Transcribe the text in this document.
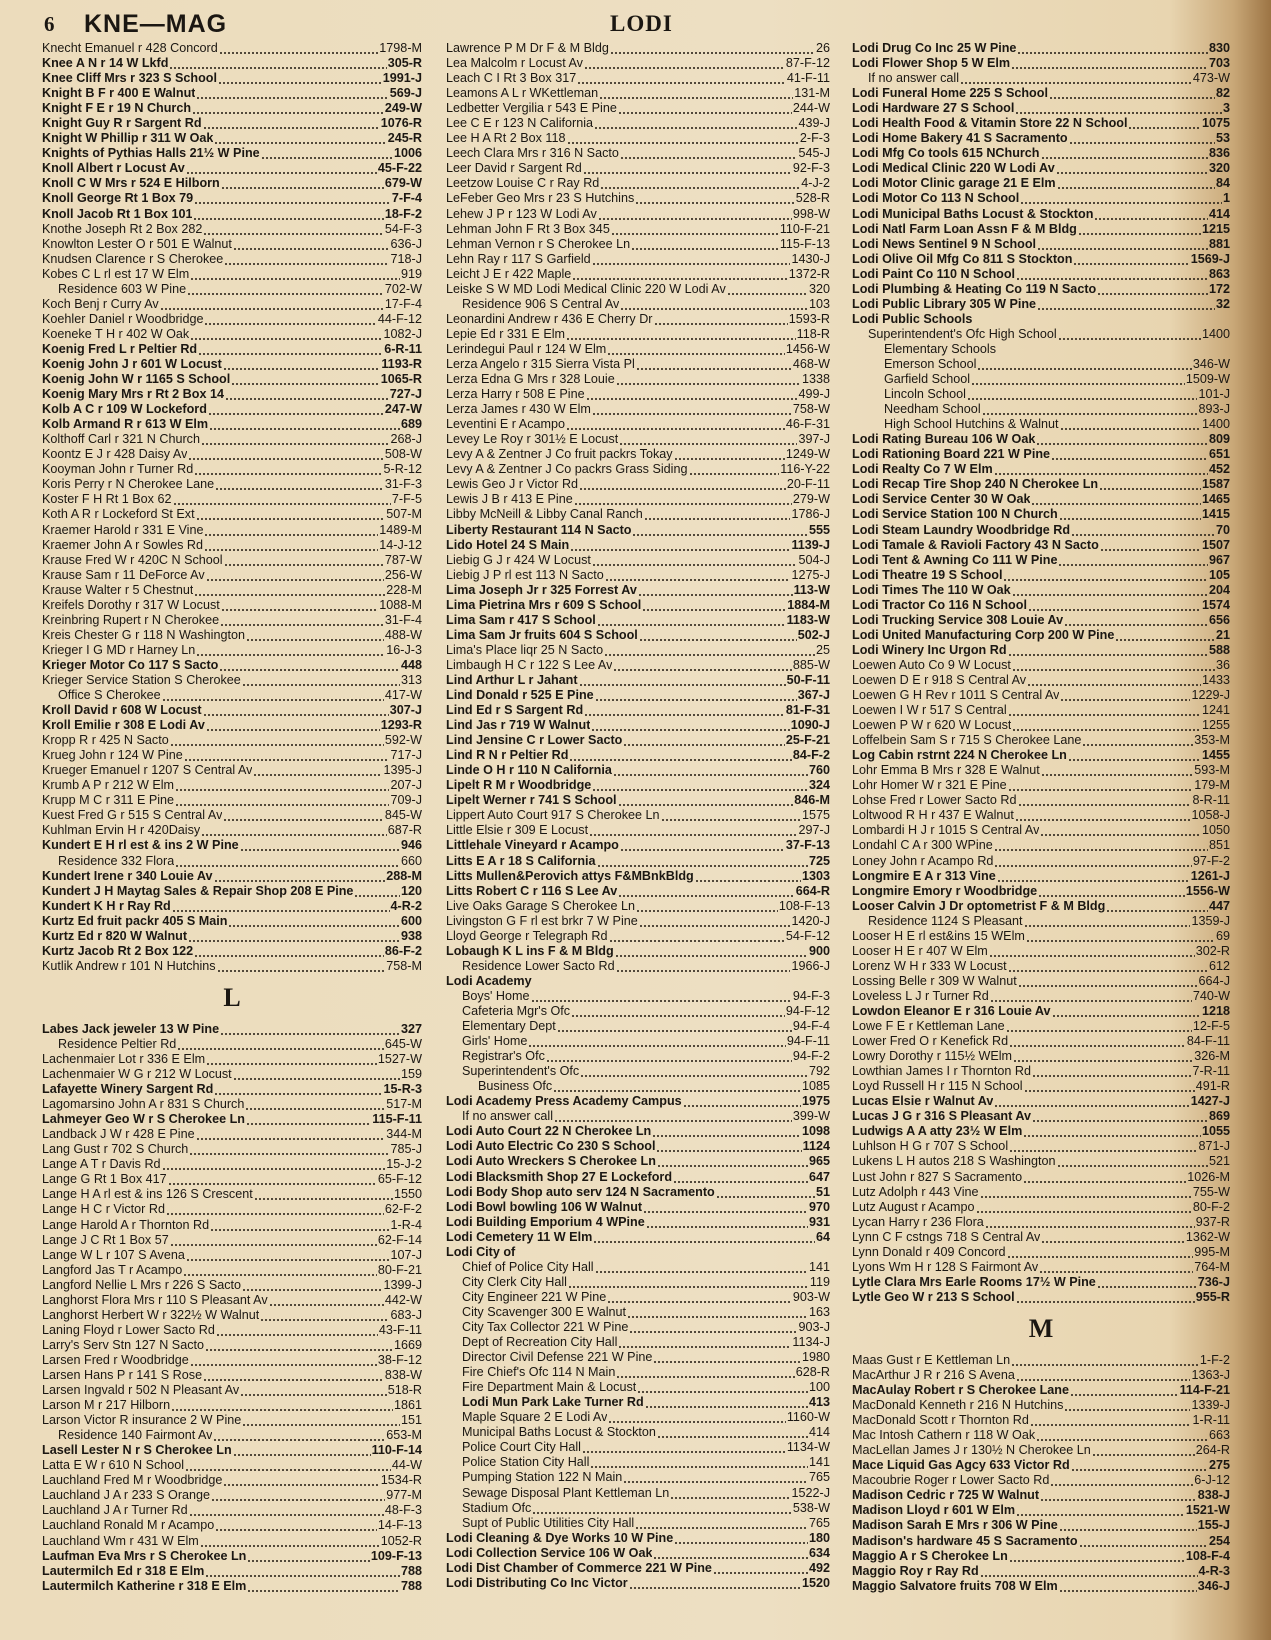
6 KNE—MAG	LODI
Knecht Emanuel r 428 Concord	1798-M
Knee A N r 14 W Lkfd	305-R
Knee Cliff Mrs r 323 S School	1991-J
Knight B F r 400 E Walnut	569-J
Knight F E r 19 N Church	249-W
Knight Guy R r Sargent Rd	1076-R
Knight W Phillip r 311 W Oak	245-R
Knights of Pythias Halls 21½ W Pine	1006
Knoll Albert r Locust Av	45-F-22
Knoll C W Mrs r 524 E Hilborn	679-W
Knoll George Rt 1 Box 79	7-F-4
Knoll Jacob Rt 1 Box 101	18-F-2
Knothe Joseph Rt 2 Box 282	54-F-3
Knowlton Lester O r 501 E Walnut	636-J
Knudsen Clarence r S Cherokee	718-J
Kobes C L rl est 17 W Elm	919
Residence 603 W Pine	702-W
Koch Benj r Curry Av	17-F-4
Koehler Daniel r Woodbridge	44-F-12
Koeneke T H r 402 W Oak	1082-J
Koenig Fred L r Peltier Rd	6-R-11
Koenig John J r 601 W Locust	1193-R
Koenig John W r 1165 S School	1065-R
Koenig Mary Mrs r Rt 2 Box 14	727-J
Kolb A C r 109 W Lockeford	247-W
Kolb Armand R r 613 W Elm	689
Kolthoff Carl r 321 N Church	268-J
Koontz E J r 428 Daisy Av	508-W
Kooyman John r Turner Rd	5-R-12
Koris Perry r N Cherokee Lane	31-F-3
Koster F H Rt 1 Box 62	7-F-5
Koth A R r Lockeford St Ext	507-M
Kraemer Harold r 331 E Vine	1489-M
Kraemer John A r Sowles Rd	14-J-12
Krause Fred W r 420C N School	787-W
Krause Sam r 11 DeForce Av	256-W
Krause Walter r 5 Chestnut	228-M
Kreifels Dorothy r 317 W Locust	1088-M
Kreinbring Rupert r N Cherokee	31-F-4
Kreis Chester G r 118 N Washington	488-W
Krieger I G MD r Harney Ln	16-J-3
Krieger Motor Co 117 S Sacto	448
Krieger Service Station S Cherokee	313
Office S Cherokee	417-W
Kroll David r 608 W Locust	307-J
Kroll Emilie r 308 E Lodi Av	1293-R
Kropp R r 425 N Sacto	592-W
Krueg John r 124 W Pine	717-J
Krueger Emanuel r 1207 S Central Av	1395-J
Krumb A P r 212 W Elm	207-J
Krupp M C r 311 E Pine	709-J
Kuest Fred G r 515 S Central Av	845-W
Kuhlman Ervin H r 420Daisy	687-R
Kundert E H rl est & ins 2 W Pine	946
Residence 332 Flora	660
Kundert Irene r 340 Louie Av	288-M
Kundert J H Maytag Sales & Repair Shop 208 E Pine	120
Kundert K H r Ray Rd	4-R-2
Kurtz Ed fruit packr 405 S Main	600
Kurtz Ed r 820 W Walnut	938
Kurtz Jacob Rt 2 Box 122	86-F-2
Kutlik Andrew r 101 N Hutchins	758-M
L
Labes Jack jeweler 13 W Pine	327
Residence Peltier Rd	645-W
Lachenmaier Lot r 336 E Elm	1527-W
Lachenmaier W G r 212 W Locust	159
Lafayette Winery Sargent Rd	15-R-3
Lagomarsino John A r 831 S Church	517-M
Lahmeyer Geo W r S Cherokee Ln	115-F-11
Landback J W r 428 E Pine	344-M
Lang Gust r 702 S Church	785-J
Lange A T r Davis Rd	15-J-2
Lange G Rt 1 Box 417	65-F-12
Lange H A rl est & ins 126 S Crescent	1550
Lange H C r Victor Rd	62-F-2
Lange Harold A r Thornton Rd	1-R-4
Lange J C Rt 1 Box 57	62-F-14
Lange W L r 107 S Avena	107-J
Langford Jas T r Acampo	80-F-21
Langford Nellie L Mrs r 226 S Sacto	1399-J
Langhorst Flora Mrs r 110 S Pleasant Av	442-W
Langhorst Herbert W r 322½ W Walnut	683-J
Laning Floyd r Lower Sacto Rd	43-F-11
Larry's Serv Stn 127 N Sacto	1669
Larsen Fred r Woodbridge	38-F-12
Larsen Hans P r 141 S Rose	838-W
Larsen Ingvald r 502 N Pleasant Av	518-R
Larson M r 217 Hilborn	1861
Larson Victor R insurance 2 W Pine	151
Residence 140 Fairmont Av	653-M
Lasell Lester N r S Cherokee Ln	110-F-14
Latta E W r 610 N School	44-W
Lauchland Fred M r Woodbridge	1534-R
Lauchland J A r 233 S Orange	977-M
Lauchland J A r Turner Rd	48-F-3
Lauchland Ronald M r Acampo	14-F-13
Lauchland Wm r 431 W Elm	1052-R
Laufman Eva Mrs r S Cherokee Ln	109-F-13
Lautermilch Ed r 318 E Elm	788
Lautermilch Katherine r 318 E Elm	788
Lawrence P M Dr F & M Bldg	26
Lea Malcolm r Locust Av	87-F-12
Leach C I Rt 3 Box 317	41-F-11
Leamons A L r WKettleman	131-M
Ledbetter Vergilia r 543 E Pine	244-W
Lee C E r 123 N California	439-J
Lee H A Rt 2 Box 118	2-F-3
Leech Clara Mrs r 316 N Sacto	545-J
Leer David r Sargent Rd	92-F-3
Leetzow Louise C r Ray Rd	4-J-2
LeFeber Geo Mrs r 23 S Hutchins	528-R
Lehew J P r 123 W Lodi Av	998-W
Lehman John F Rt 3 Box 345	110-F-21
Lehman Vernon r S Cherokee Ln	115-F-13
Lehn Ray r 117 S Garfield	1430-J
Leicht J E r 422 Maple	1372-R
Leiske S W MD Lodi Medical Clinic 220 W Lodi Av	320
Residence 906 S Central Av	103
Leonardini Andrew r 436 E Cherry Dr	1593-R
Lepie Ed r 331 E Elm	118-R
Lerindegui Paul r 124 W Elm	1456-W
Lerza Angelo r 315 Sierra Vista Pl	468-W
Lerza Edna G Mrs r 328 Louie	1338
Lerza Harry r 508 E Pine	499-J
Lerza James r 430 W Elm	758-W
Leventini E r Acampo	46-F-31
Levey Le Roy r 301½ E Locust	397-J
Levy A & Zentner J Co fruit packrs Tokay	1249-W
Levy A & Zentner J Co packrs Grass Siding	116-Y-22
Lewis Geo J r Victor Rd	20-F-11
Lewis J B r 413 E Pine	279-W
Libby McNeill & Libby Canal Ranch	1786-J
Liberty Restaurant 114 N Sacto	555
Lido Hotel 24 S Main	1139-J
Liebig G J r 424 W Locust	504-J
Liebig J P rl est 113 N Sacto	1275-J
Lima Joseph Jr r 325 Forrest Av	113-W
Lima Pietrina Mrs r 609 S School	1884-M
Lima Sam r 417 S School	1183-W
Lima Sam Jr fruits 604 S School	502-J
Lima's Place liqr 25 N Sacto	25
Limbaugh H C r 122 S Lee Av	885-W
Lind Arthur L r Jahant	50-F-11
Lind Donald r 525 E Pine	367-J
Lind Ed r S Sargent Rd	81-F-31
Lind Jas r 719 W Walnut	1090-J
Lind Jensine C r Lower Sacto	25-F-21
Lind R N r Peltier Rd	84-F-2
Linde O H r 110 N California	760
Lipelt R M r Woodbridge	324
Lipelt Werner r 741 S School	846-M
Lippert Auto Court 917 S Cherokee Ln	1575
Little Elsie r 309 E Locust	297-J
Littlehale Vineyard r Acampo	37-F-13
Litts E A r 18 S California	725
Litts Mullen&Perovich attys F&MBnkBldg	1303
Litts Robert C r 116 S Lee Av	664-R
Live Oaks Garage S Cherokee Ln	108-F-13
Livingston G F rl est brkr 7 W Pine	1420-J
Lloyd George r Telegraph Rd	54-F-12
Lobaugh K L ins F & M Bldg	900
Residence Lower Sacto Rd	1966-J
Lodi Academy
Boys' Home	94-F-3
Cafeteria Mgr's Ofc	94-F-12
Elementary Dept	94-F-4
Girls' Home	94-F-11
Registrar's Ofc	94-F-2
Superintendent's Ofc	792
Business Ofc	1085
Lodi Academy Press Academy Campus	1975
If no answer call	399-W
Lodi Auto Court 22 N Cherokee Ln	1098
Lodi Auto Electric Co 230 S School	1124
Lodi Auto Wreckers S Cherokee Ln	965
Lodi Blacksmith Shop 27 E Lockeford	647
Lodi Body Shop auto serv 124 N Sacramento	51
Lodi Bowl bowling 106 W Walnut	970
Lodi Building Emporium 4 WPine	931
Lodi Cemetery 11 W Elm	64
Lodi City of
Chief of Police City Hall	141
City Clerk City Hall	119
City Engineer 221 W Pine	903-W
City Scavenger 300 E Walnut	163
City Tax Collector 221 W Pine	903-J
Dept of Recreation City Hall	1134-J
Director Civil Defense 221 W Pine	1980
Fire Chief's Ofc 114 N Main	628-R
Fire Department Main & Locust	100
Lodi Mun Park Lake Turner Rd	413
Maple Square 2 E Lodi Av	1160-W
Municipal Baths Locust & Stockton	414
Police Court City Hall	1134-W
Police Station City Hall	141
Pumping Station 122 N Main	765
Sewage Disposal Plant Kettleman Ln	1522-J
Stadium Ofc	538-W
Supt of Public Utilities City Hall	765
Lodi Cleaning & Dye Works 10 W Pine	180
Lodi Collection Service 106 W Oak	634
Lodi Dist Chamber of Commerce 221 W Pine	492
Lodi Distributing Co Inc Victor	1520
Lodi Drug Co Inc 25 W Pine	830
Lodi Flower Shop 5 W Elm	703
If no answer call	473-W
Lodi Funeral Home 225 S School	82
Lodi Hardware 27 S School	3
Lodi Health Food & Vitamin Store 22 N School	1075
Lodi Home Bakery 41 S Sacramento	53
Lodi Mfg Co tools 615 NChurch	836
Lodi Medical Clinic 220 W Lodi Av	320
Lodi Motor Clinic garage 21 E Elm	84
Lodi Motor Co 113 N School	1
Lodi Municipal Baths Locust & Stockton	414
Lodi Natl Farm Loan Assn F & M Bldg	1215
Lodi News Sentinel 9 N School	881
Lodi Olive Oil Mfg Co 811 S Stockton	1569-J
Lodi Paint Co 110 N School	863
Lodi Plumbing & Heating Co 119 N Sacto	172
Lodi Public Library 305 W Pine	32
Lodi Public Schools
Superintendent's Ofc High School	1400
Elementary Schools
Emerson School	346-W
Garfield School	1509-W
Lincoln School	101-J
Needham School	893-J
High School Hutchins & Walnut	1400
Lodi Rating Bureau 106 W Oak	809
Lodi Rationing Board 221 W Pine	651
Lodi Realty Co 7 W Elm	452
Lodi Recap Tire Shop 240 N Cherokee Ln	1587
Lodi Service Center 30 W Oak	1465
Lodi Service Station 100 N Church	1415
Lodi Steam Laundry Woodbridge Rd	70
Lodi Tamale & Ravioli Factory 43 N Sacto	1507
Lodi Tent & Awning Co 111 W Pine	967
Lodi Theatre 19 S School	105
Lodi Times The 110 W Oak	204
Lodi Tractor Co 116 N School	1574
Lodi Trucking Service 308 Louie Av	656
Lodi United Manufacturing Corp 200 W Pine	21
Lodi Winery Inc Urgon Rd	588
Loewen Auto Co 9 W Locust	36
Loewen D E r 918 S Central Av	1433
Loewen G H Rev r 1011 S Central Av	1229-J
Loewen I W r 517 S Central	1241
Loewen P W r 620 W Locust	1255
Loffelbein Sam S r 715 S Cherokee Lane	353-M
Log Cabin rstrnt 224 N Cherokee Ln	1455
Lohr Emma B Mrs r 328 E Walnut	593-M
Lohr Homer W r 321 E Pine	179-M
Lohse Fred r Lower Sacto Rd	8-R-11
Loltwood R H r 437 E Walnut	1058-J
Lombardi H J r 1015 S Central Av	1050
Londahl C A r 300 WPine	851
Loney John r Acampo Rd	97-F-2
Longmire E A r 313 Vine	1261-J
Longmire Emory r Woodbridge	1556-W
Looser Calvin J Dr optometrist F & M Bldg	447
Residence 1124 S Pleasant	1359-J
Looser H E rl est&ins 15 WElm	69
Looser H E r 407 W Elm	302-R
Lorenz W H r 333 W Locust	612
Lossing Belle r 309 W Walnut	664-J
Loveless L J r Turner Rd	740-W
Lowdon Eleanor E r 316 Louie Av	1218
Lowe F E r Kettleman Lane	12-F-5
Lower Fred O r Kenefick Rd	84-F-11
Lowry Dorothy r 115½ WElm	326-M
Lowthian James I r Thornton Rd	7-R-11
Loyd Russell H r 115 N School	491-R
Lucas Elsie r Walnut Av	1427-J
Lucas J G r 316 S Pleasant Av	869
Ludwigs A A atty 23½ W Elm	1055
Luhlson H G r 707 S School	871-J
Lukens L H autos 218 S Washington	521
Lust John r 827 S Sacramento	1026-M
Lutz Adolph r 443 Vine	755-W
Lutz August r Acampo	80-F-2
Lycan Harry r 236 Flora	937-R
Lynn C F cstngs 718 S Central Av	1362-W
Lynn Donald r 409 Concord	995-M
Lyons Wm H r 128 S Fairmont Av	764-M
Lytle Clara Mrs Earle Rooms 17½ W Pine	736-J
Lytle Geo W r 213 S School	955-R
M
Maas Gust r E Kettleman Ln	1-F-2
MacArthur J R r 216 S Avena	1363-J
MacAulay Robert r S Cherokee Lane	114-F-21
MacDonald Kenneth r 216 N Hutchins	1339-J
MacDonald Scott r Thornton Rd	1-R-11
Mac Intosh Cathern r 118 W Oak	663
MacLellan James J r 130½ N Cherokee Ln	264-R
Mace Liquid Gas Agcy 633 Victor Rd	275
Macoubrie Roger r Lower Sacto Rd	6-J-12
Madison Cedric r 725 W Walnut	838-J
Madison Lloyd r 601 W Elm	1521-W
Madison Sarah E Mrs r 306 W Pine	155-J
Madison's hardware 45 S Sacramento	254
Maggio A r S Cherokee Ln	108-F-4
Maggio Roy r Ray Rd	4-R-3
Maggio Salvatore fruits 708 W Elm	346-J
